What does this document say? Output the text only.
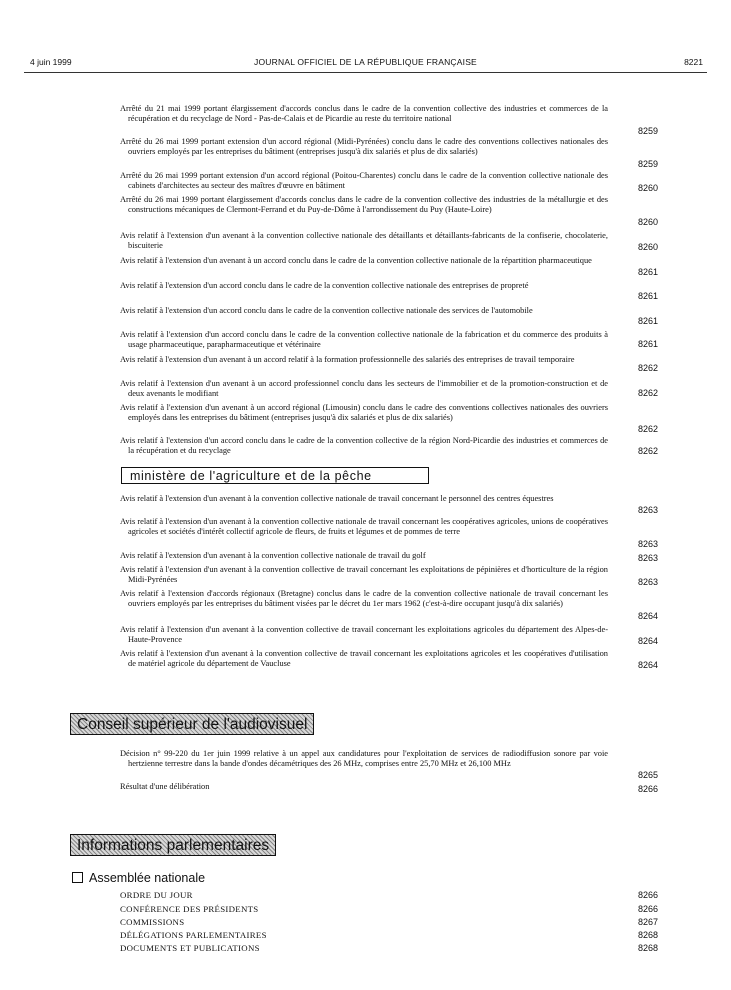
4 juin 1999	JOURNAL OFFICIEL DE LA RÉPUBLIQUE FRANÇAISE	8221
Arrêté du 21 mai 1999 portant élargissement d'accords conclus dans le cadre de la convention collective des industries et commerces de la récupération et du recyclage de Nord - Pas-de-Calais et de Picardie au reste du territoire national
8259
Arrêté du 26 mai 1999 portant extension d'un accord régional (Midi-Pyrénées) conclu dans le cadre des conventions collectives nationales des ouvriers employés par les entreprises du bâtiment (entreprises jusqu'à dix salariés et plus de dix salariés)
8259
Arrêté du 26 mai 1999 portant extension d'un accord régional (Poitou-Charentes) conclu dans le cadre de la convention collective nationale des cabinets d'architectes au secteur des maîtres d'œuvre en bâtiment	8260
Arrêté du 26 mai 1999 portant élargissement d'accords conclus dans le cadre de la convention collective des industries de la métallurgie et des constructions mécaniques de Clermont-Ferrand et du Puy-de-Dôme à l'arrondissement du Puy (Haute-Loire)
8260
Avis relatif à l'extension d'un avenant à la convention collective nationale des détaillants et détaillants-fabricants de la confiserie, chocolaterie, biscuiterie	8260
Avis relatif à l'extension d'un avenant à un accord conclu dans le cadre de la convention collective nationale de la répartition pharmaceutique
8261
Avis relatif à l'extension d'un accord conclu dans le cadre de la convention collective nationale des entreprises de propreté
8261
Avis relatif à l'extension d'un accord conclu dans le cadre de la convention collective nationale des services de l'automobile
8261
Avis relatif à l'extension d'un accord conclu dans le cadre de la convention collective nationale de la fabrication et du commerce des produits à usage pharmaceutique, parapharmaceutique et vétérinaire	8261
Avis relatif à l'extension d'un avenant à un accord relatif à la formation professionnelle des salariés des entreprises de travail temporaire
8262
Avis relatif à l'extension d'un avenant à un accord professionnel conclu dans les secteurs de l'immobilier et de la promotion-construction et de deux avenants le modifiant	8262
Avis relatif à l'extension d'un avenant à un accord régional (Limousin) conclu dans le cadre des conventions collectives nationales des ouvriers employés dans les entreprises du bâtiment (entreprises jusqu'à dix salariés et plus de dix salariés)
8262
Avis relatif à l'extension d'un accord conclu dans le cadre de la convention collective de la région Nord-Picardie des industries et commerces de la récupération et du recyclage	8262
ministère de l'agriculture et de la pêche
Avis relatif à l'extension d'un avenant à la convention collective nationale de travail concernant le personnel des centres équestres
8263
Avis relatif à l'extension d'un avenant à la convention collective nationale de travail concernant les coopératives agricoles, unions de coopératives agricoles et sociétés d'intérêt collectif agricole de fleurs, de fruits et légumes et de pommes de terre
8263
Avis relatif à l'extension d'un avenant à la convention collective nationale de travail du golf	8263
Avis relatif à l'extension d'un avenant à la convention collective de travail concernant les exploitations de pépinières et d'horticulture de la région Midi-Pyrénées	8263
Avis relatif à l'extension d'accords régionaux (Bretagne) conclus dans le cadre de la convention collective nationale de travail concernant les ouvriers employés par les entreprises du bâtiment visées par le décret du 1er mars 1962 (c'est-à-dire occupant jusqu'à dix salariés)
8264
Avis relatif à l'extension d'un avenant à la convention collective de travail concernant les exploitations agricoles du département des Alpes-de-Haute-Provence	8264
Avis relatif à l'extension d'un avenant à la convention collective de travail concernant les exploitations agricoles et les coopératives d'utilisation de matériel agricole du département de Vaucluse	8264
Conseil supérieur de l'audiovisuel
Décision n° 99-220 du 1er juin 1999 relative à un appel aux candidatures pour l'exploitation de services de radiodiffusion sonore par voie hertzienne terrestre dans la bande d'ondes décamétriques des 26 MHz, comprises entre 25,70 MHz et 26,100 MHz
8265
Résultat d'une délibération	8266
Informations parlementaires
Assemblée nationale
ORDRE DU JOUR	8266
CONFÉRENCE DES PRÉSIDENTS	8266
COMMISSIONS	8267
DÉLÉGATIONS PARLEMENTAIRES	8268
DOCUMENTS ET PUBLICATIONS	8268
